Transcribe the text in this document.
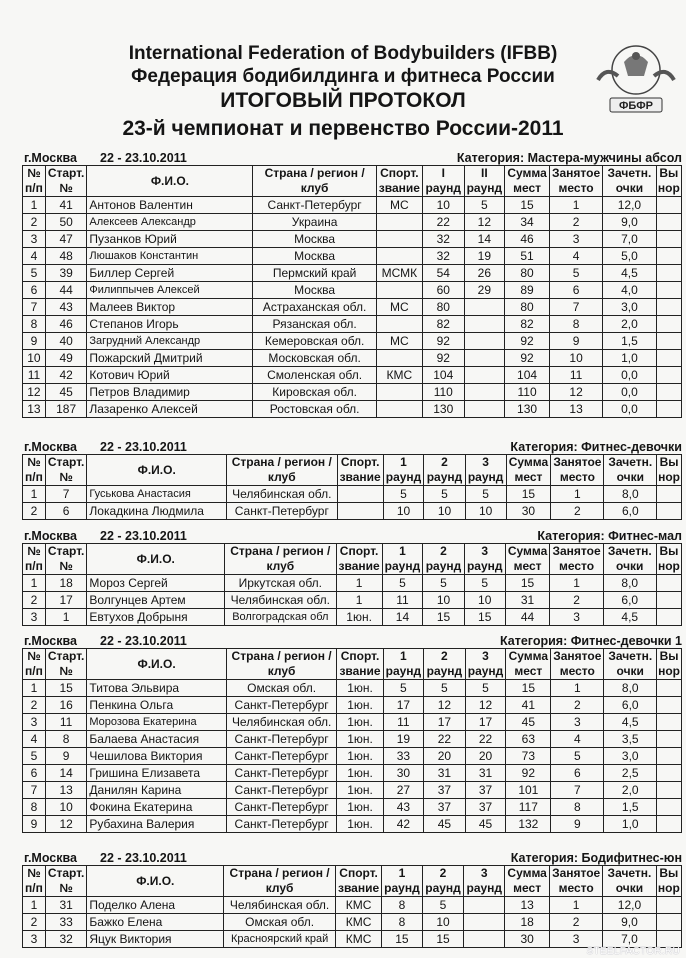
International Federation of Bodybuilders (IFBB)
Федерация бодибилдинга и фитнеса России
ИТОГОВЫЙ ПРОТОКОЛ
23-й чемпионат и первенство России-2011
ФБФР
г.Москва 22 - 23.10.2011	Категория: Мастера-мужчины абсол
№	Старт.	Ф.И.О.	Страна / регион /	Спорт.	I	II	Сумма	Занятое	Зачетн.	Вы
п/п	№		клуб	звание	раунд	раунд	мест	место	очки	нор
1	41	Антонов Валентин	Санкт-Петербург	МС	10	5	15	1	12,0	
2	50	Алексеев Александр	Украина		22	12	34	2	9,0	
3	47	Пузанков Юрий	Москва		32	14	46	3	7,0	
4	48	Люшаков Константин	Москва		32	19	51	4	5,0	
5	39	Биллер Сергей	Пермский край	МСМК	54	26	80	5	4,5	
6	44	Филиппычев Алексей	Москва		60	29	89	6	4,0	
7	43	Малеев Виктор	Астраханская обл.	МС	80		80	7	3,0	
8	46	Степанов Игорь	Рязанская обл.		82		82	8	2,0	
9	40	Загрудний Александр	Кемеровская обл.	МС	92		92	9	1,5	
10	49	Пожарский Дмитрий	Московская обл.		92		92	10	1,0	
11	42	Котович Юрий	Смоленская обл.	КМС	104		104	11	0,0	
12	45	Петров Владимир	Кировская обл.		110		110	12	0,0	
13	187	Лазаренко Алексей	Ростовская обл.		130		130	13	0,0	
г.Москва 22 - 23.10.2011	Категория: Фитнес-девочки
№	Старт.	Ф.И.О.	Страна / регион /	Спорт.	1	2	3	Сумма	Занятое	Зачетн.	Вы
п/п	№		клуб	звание	раунд	раунд	раунд	мест	место	очки	нор
1	7	Гуськова Анастасия	Челябинская обл.		5	5	5	15	1	8,0	
2	6	Локадкина Людмила	Санкт-Петербург		10	10	10	30	2	6,0	
г.Москва 22 - 23.10.2011	Категория: Фитнес-мал
№	Старт.	Ф.И.О.	Страна / регион /	Спорт.	1	2	3	Сумма	Занятое	Зачетн.	Вы
п/п	№		клуб	звание	раунд	раунд	раунд	мест	место	очки	нор
1	18	Мороз Сергей	Иркутская обл.	1	5	5	5	15	1	8,0	
2	17	Волгунцев Артем	Челябинская обл.	1	11	10	10	31	2	6,0	
3	1	Евтухов Добрыня	Волгоградская обл	1юн.	14	15	15	44	3	4,5	
г.Москва 22 - 23.10.2011	Категория: Фитнес-девочки 1
№	Старт.	Ф.И.О.	Страна / регион /	Спорт.	1	2	3	Сумма	Занятое	Зачетн.	Вы
п/п	№		клуб	звание	раунд	раунд	раунд	мест	место	очки	нор
1	15	Титова Эльвира	Омская обл.	1юн.	5	5	5	15	1	8,0	
2	16	Пенкина Ольга	Санкт-Петербург	1юн.	17	12	12	41	2	6,0	
3	11	Морозова Екатерина	Челябинская обл.	1юн.	11	17	17	45	3	4,5	
4	8	Балаева Анастасия	Санкт-Петербург	1юн.	19	22	22	63	4	3,5	
5	9	Чешилова Виктория	Санкт-Петербург	1юн.	33	20	20	73	5	3,0	
6	14	Гришина Елизавета	Санкт-Петербург	1юн.	30	31	31	92	6	2,5	
7	13	Данилян Карина	Санкт-Петербург	1юн.	27	37	37	101	7	2,0	
8	10	Фокина Екатерина	Санкт-Петербург	1юн.	43	37	37	117	8	1,5	
9	12	Рубахина Валерия	Санкт-Петербург	1юн.	42	45	45	132	9	1,0	
г.Москва 22 - 23.10.2011	Категория: Бодифитнес-юн
№	Старт.	Ф.И.О.	Страна / регион /	Спорт.	1	2	3	Сумма	Занятое	Зачетн.	Вы
п/п	№		клуб	звание	раунд	раунд	раунд	мест	место	очки	нор
1	31	Поделко Алена	Челябинская обл.	КМС	8	5		13	1	12,0	
2	33	Бажко Елена	Омская обл.	КМС	8	10		18	2	9,0	
3	32	Яцук Виктория	Красноярский край	КМС	15	15		30	3	7,0	
STEELFACTOR.RU
